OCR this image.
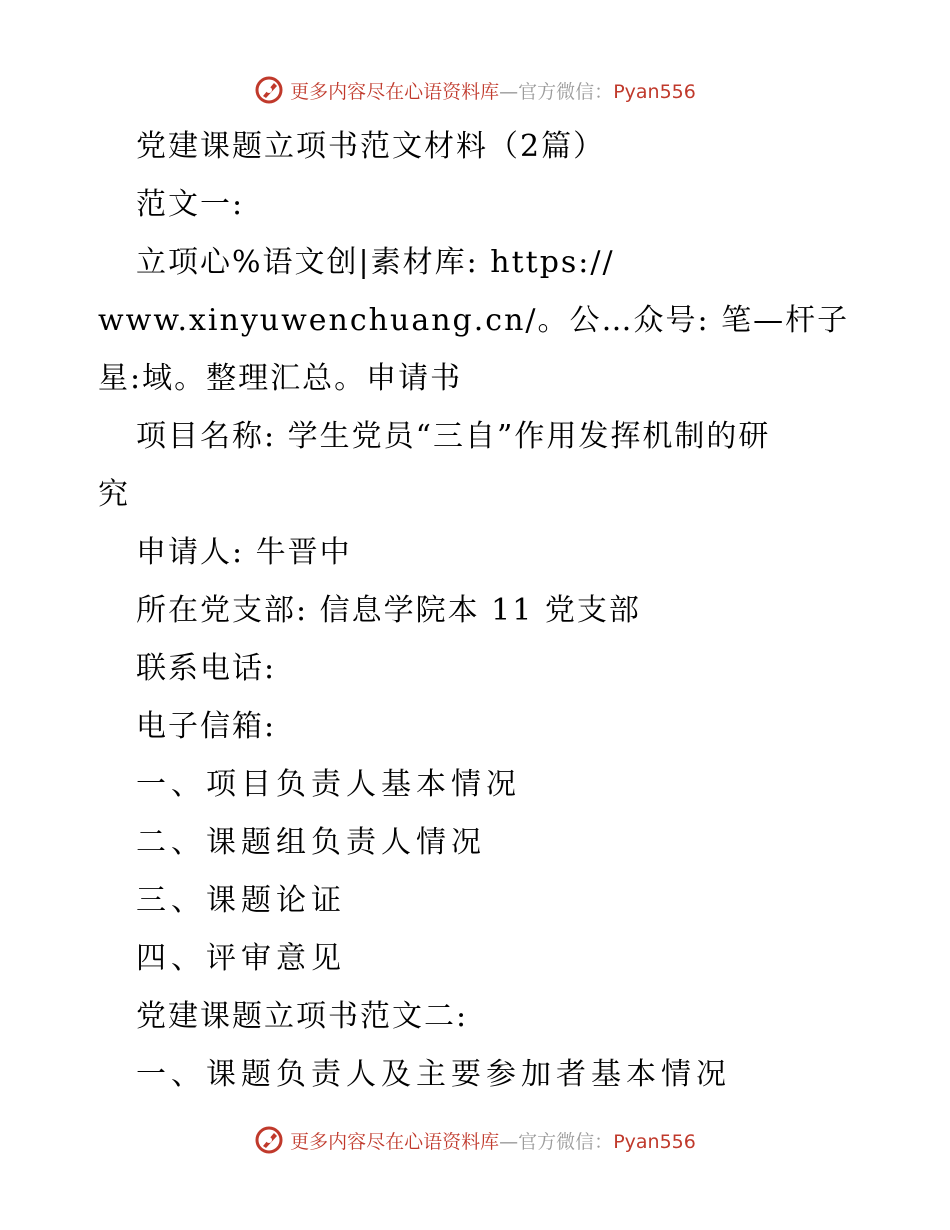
更多内容尽在心语资料库—官方微信：Pyan556
党建课题立项书范文材料（2篇）
范文一:
立项心%语文创|素材库: https://
www.xinyuwenchuang.cn/。公…众号: 笔—杆子
星:域。整理汇总。申请书
项目名称: 学生党员“三自”作用发挥机制的研
究
申请人: 牛晋中
所在党支部: 信息学院本 11 党支部
联系电话:
电子信箱:
一、项目负责人基本情况
二、课题组负责人情况
三、课题论证
四、评审意见
党建课题立项书范文二:
一、课题负责人及主要参加者基本情况
更多内容尽在心语资料库—官方微信：Pyan556
